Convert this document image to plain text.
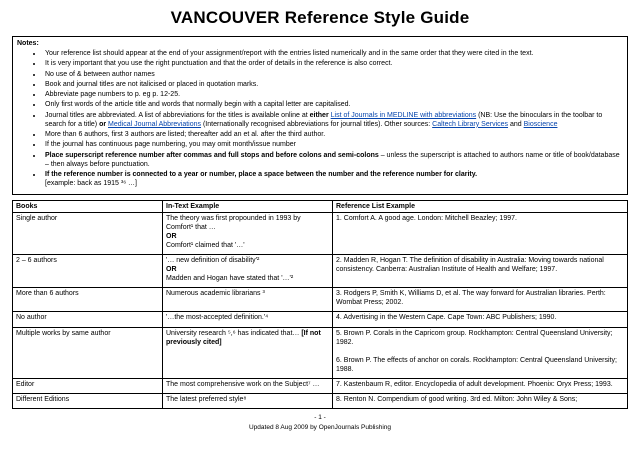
VANCOUVER Reference Style Guide
Notes:
• Your reference list should appear at the end of your assignment/report with the entries listed numerically and in the same order that they were cited in the text.
• It is very important that you use the right punctuation and that the order of details in the reference is also correct.
• No use of & between author names
• Book and journal titles are not italicised or placed in quotation marks.
• Abbreviate page numbers to p. eg p. 12-25.
• Only first words of the article title and words that normally begin with a capital letter are capitalised.
• Journal titles are abbreviated. A list of abbreviations for the titles is available online at either List of Journals in MEDLINE with abbreviations (NB: Use the binoculars in the toolbar to search for a title) or Medical Journal Abbreviations (Internationally recognised abbreviations for journal titles). Other sources: Caltech Library Services and Bioscience
• More than 6 authors, first 3 authors are listed; thereafter add an et al. after the third author.
• If the journal has continuous page numbering, you may omit month/issue number
• Place superscript reference number after commas and full stops and before colons and semi-colons – unless the superscript is attached to authors name or title of book/database – then always before punctuation.
• If the reference number is connected to a year or number, place a space between the number and the reference number for clarity.
[example: back as 1915 ³⁶ …]
Books	In-Text Example	Reference List Example
Single author	The theory was first propounded in 1993 by Comfort¹ that …
OR
Comfort¹ claimed that '…'	1. Comfort A. A good age. London: Mitchell Beazley; 1997.
2 – 6 authors	'… new definition of disability'²
OR
Madden and Hogan have stated that '…'²	2. Madden R, Hogan T. The definition of disability in Australia: Moving towards national consistency. Canberra: Australian Institute of Health and Welfare; 1997.
More than 6 authors	Numerous academic librarians ³	3. Rodgers P, Smith K, Williams D, et al. The way forward for Australian libraries. Perth: Wombat Press; 2002.
No author	'…the most-accepted definition.'⁴	4. Advertising in the Western Cape. Cape Town: ABC Publishers; 1990.
Multiple works by same author	University research ⁵,⁶ has indicated that… [If not previously cited]	5. Brown P. Corals in the Capricorn group. Rockhampton: Central Queensland University; 1982.
6. Brown P. The effects of anchor on corals. Rockhampton: Central Queensland University; 1988.

Editor	The most comprehensive work on the Subject⁷ …	7. Kastenbaum R, editor. Encyclopedia of adult development. Phoenix: Oryx Press; 1993.
Different Editions	The latest preferred style⁸	8. Renton N. Compendium of good writing. 3rd ed. Milton: John Wiley & Sons;
- 1 -
Updated 8 Aug 2009 by OpenJournals Publishing
